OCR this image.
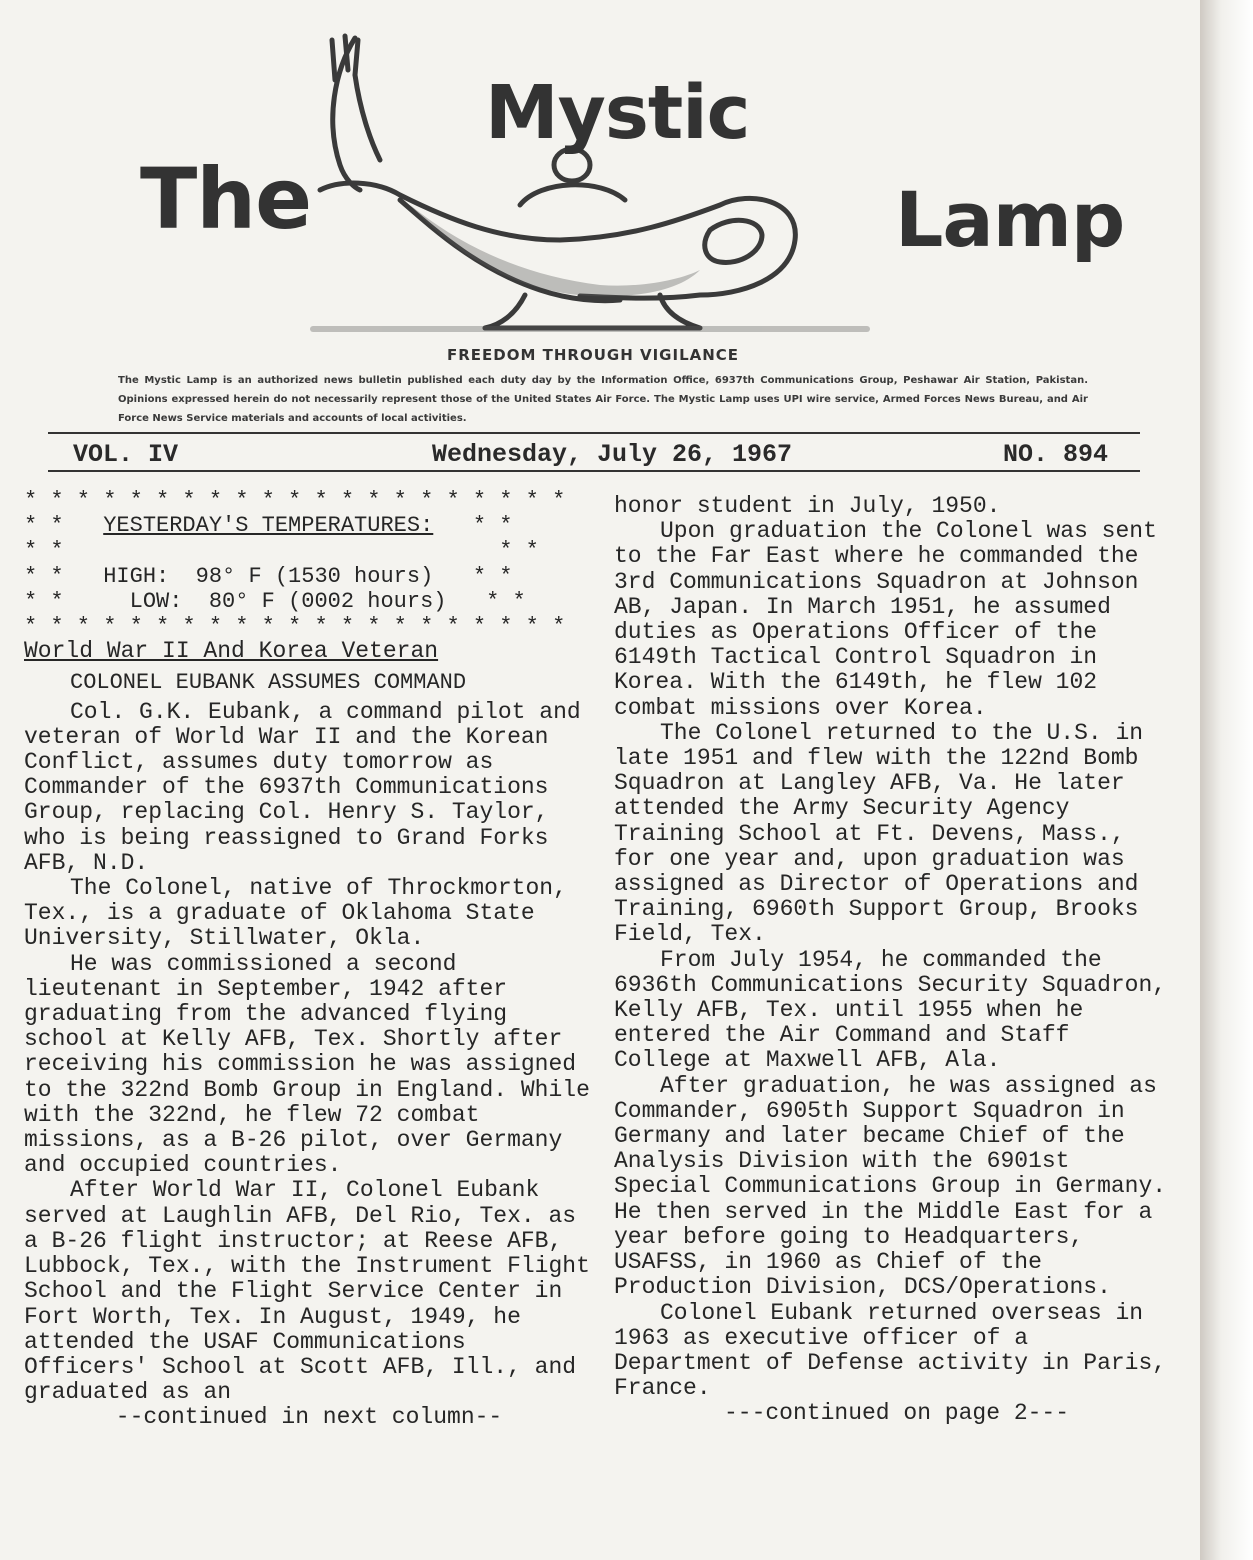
The
Mystic
Lamp
FREEDOM THROUGH VIGILANCE
The Mystic Lamp is an authorized news bulletin published each duty day by the Information Office, 6937th Communications Group, Peshawar Air Station, Pakistan. Opinions expressed herein do not necessarily represent those of the United States Air Force. The Mystic Lamp uses UPI wire service, Armed Forces News Bureau, and Air Force News Service materials and accounts of local activities.
VOL. IV	Wednesday, July 26, 1967	NO. 894
* * * * * * * * * * * * * * * * * * * * *
* *   YESTERDAY'S TEMPERATURES:   * *
* *                                 * *
* *   HIGH:  98° F (1530 hours)   * *
* *     LOW:  80° F (0002 hours)   * *
* * * * * * * * * * * * * * * * * * * * *

World War II And Korea Veteran

COLONEL EUBANK ASSUMES COMMAND

Col. G.K. Eubank, a command pilot and veteran of World War II and the Korean Conflict, assumes duty tomorrow as Commander of the 6937th Communications Group, replacing Col. Henry S. Taylor, who is being reassigned to Grand Forks AFB, N.D.

The Colonel, native of Throckmorton, Tex., is a graduate of Oklahoma State University, Stillwater, Okla.

He was commissioned a second lieutenant in September, 1942 after graduating from the advanced flying school at Kelly AFB, Tex. Shortly after receiving his commission he was assigned to the 322nd Bomb Group in England. While with the 322nd, he flew 72 combat missions, as a B-26 pilot, over Germany and occupied countries.

After World War II, Colonel Eubank served at Laughlin AFB, Del Rio, Tex. as a B-26 flight instructor; at Reese AFB, Lubbock, Tex., with the Instrument Flight School and the Flight Service Center in Fort Worth, Tex. In August, 1949, he attended the USAF Communications Officers' School at Scott AFB, Ill., and graduated as an

--continued in next column--

honor student in July, 1950.

Upon graduation the Colonel was sent to the Far East where he commanded the 3rd Communications Squadron at Johnson AB, Japan. In March 1951, he assumed duties as Operations Officer of the 6149th Tactical Control Squadron in Korea. With the 6149th, he flew 102 combat missions over Korea.

The Colonel returned to the U.S. in late 1951 and flew with the 122nd Bomb Squadron at Langley AFB, Va. He later attended the Army Security Agency Training School at Ft. Devens, Mass., for one year and, upon graduation was assigned as Director of Operations and Training, 6960th Support Group, Brooks Field, Tex.

From July 1954, he commanded the 6936th Communications Security Squadron, Kelly AFB, Tex. until 1955 when he entered the Air Command and Staff College at Maxwell AFB, Ala.

After graduation, he was assigned as Commander, 6905th Support Squadron in Germany and later became Chief of the Analysis Division with the 6901st Special Communications Group in Germany. He then served in the Middle East for a year before going to Headquarters, USAFSS, in 1960 as Chief of the Production Division, DCS/Operations.

Colonel Eubank returned overseas in 1963 as executive officer of a Department of Defense activity in Paris, France.

---continued on page 2---
